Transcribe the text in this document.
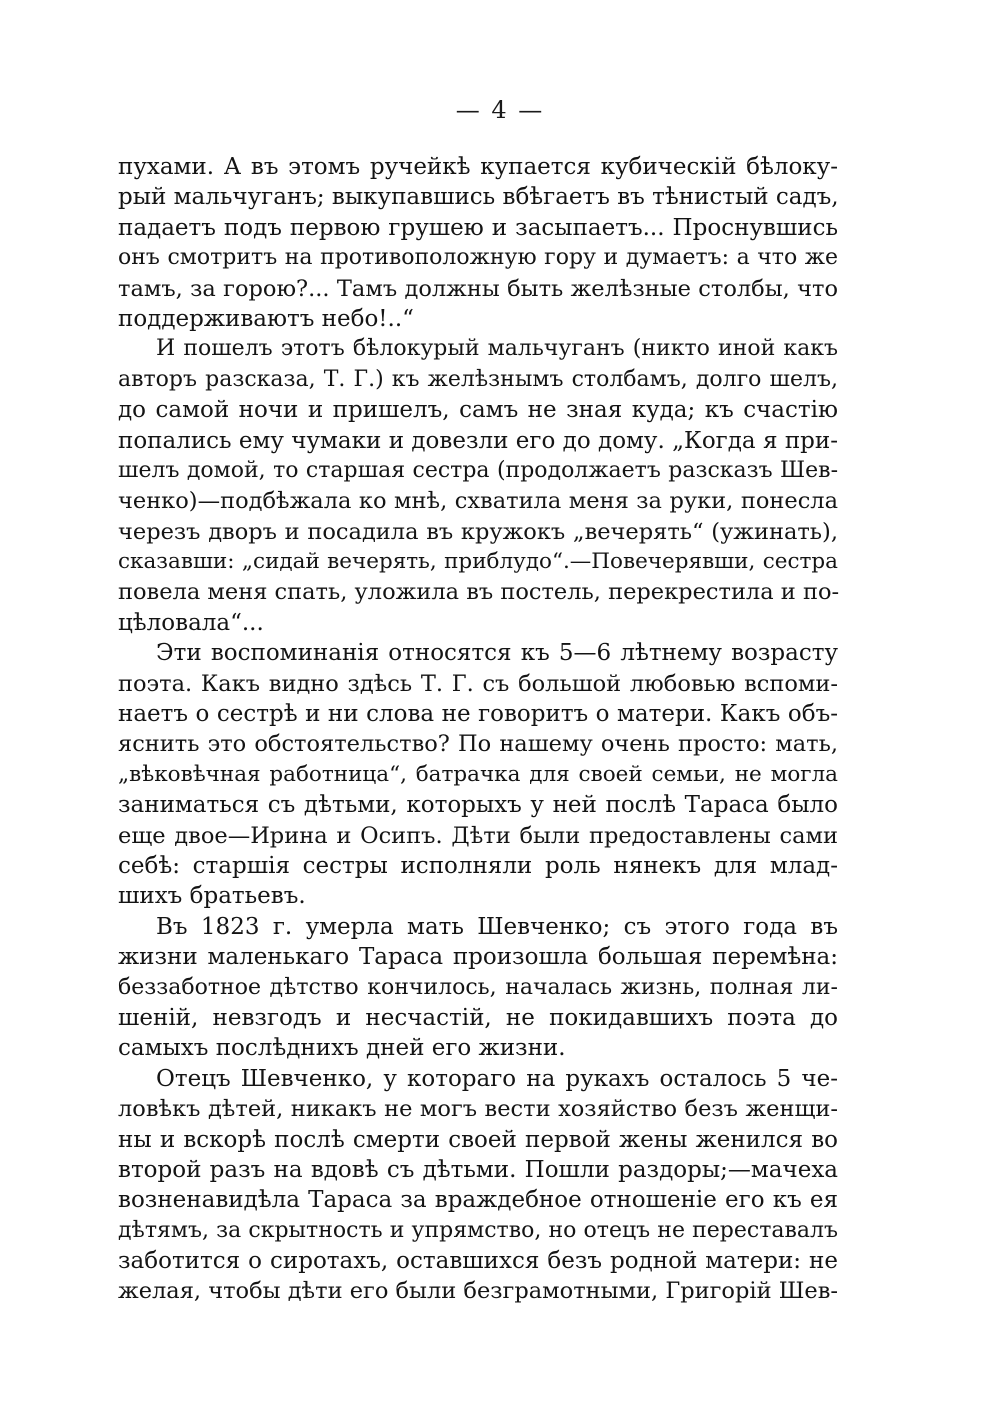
— 4 —
пухами. А въ этомъ ручейкѣ купается кубическій бѣлоку-
рый мальчуганъ; выкупавшись вбѣгаетъ въ тѣнистый садъ,
падаетъ подъ первою грушею и засыпаетъ... Проснувшись
онъ смотритъ на противоположную гору и думаетъ: а что же
тамъ, за горою?... Тамъ должны быть желѣзные столбы, что
поддерживаютъ небо!..“
И пошелъ этотъ бѣлокурый мальчуганъ (никто иной какъ
авторъ разсказа, Т. Г.) къ желѣзнымъ столбамъ, долго шелъ,
до самой ночи и пришелъ, самъ не зная куда; къ счастію
попались ему чумаки и довезли его до дому. „Когда я при-
шелъ домой, то старшая сестра (продолжаетъ разсказъ Шев-
ченко)—подбѣжала ко мнѣ, схватила меня за руки, понесла
черезъ дворъ и посадила въ кружокъ „вечерять“ (ужинать),
сказавши: „сидай вечерять, приблудо“.—Повечерявши, сестра
повела меня спать, уложила въ постель, перекрестила и по-
цѣловала“...
Эти воспоминанія относятся къ 5—6 лѣтнему возрасту
поэта. Какъ видно здѣсь Т. Г. съ большой любовью вспоми-
наетъ о сестрѣ и ни слова не говоритъ о матери. Какъ объ-
яснить это обстоятельство? По нашему очень просто: мать,
„вѣковѣчная работница“, батрачка для своей семьи, не могла
заниматься съ дѣтьми, которыхъ у ней послѣ Тараса было
еще двое—Ирина и Осипъ. Дѣти были предоставлены сами
себѣ: старшія сестры исполняли роль нянекъ для млад-
шихъ братьевъ.
Въ 1823 г. умерла мать Шевченко; съ этого года въ
жизни маленькаго Тараса произошла большая перемѣна:
беззаботное дѣтство кончилось, началась жизнь, полная ли-
шеній, невзгодъ и несчастій, не покидавшихъ поэта до
самыхъ послѣднихъ дней его жизни.
Отецъ Шевченко, у котораго на рукахъ осталось 5 че-
ловѣкъ дѣтей, никакъ не могъ вести хозяйство безъ женщи-
ны и вскорѣ послѣ смерти своей первой жены женился во
второй разъ на вдовѣ съ дѣтьми. Пошли раздоры;—мачеха
возненавидѣла Тараса за враждебное отношеніе его къ ея
дѣтямъ, за скрытность и упрямство, но отецъ не переставалъ
заботится о сиротахъ, оставшихся безъ родной матери: не
желая, чтобы дѣти его были безграмотными, Григорій Шев-
